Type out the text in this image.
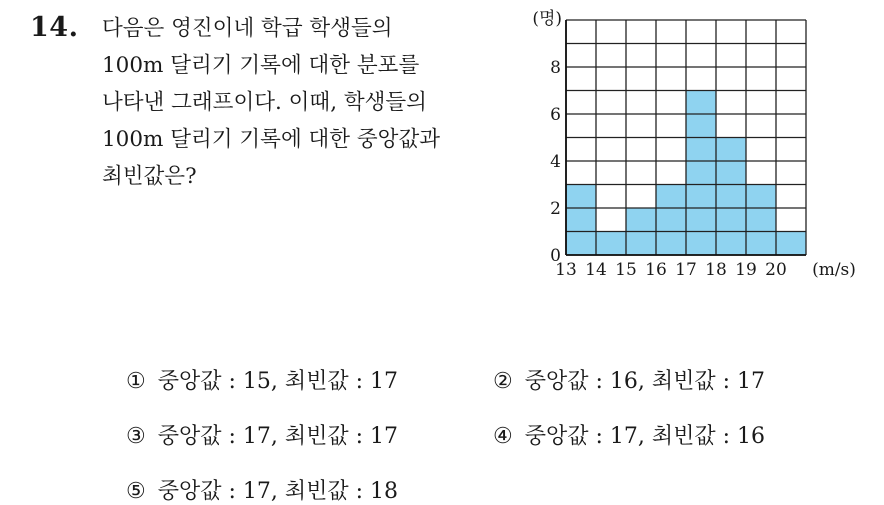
14. 다음은 영진이네 학급 학생들의
100m 달리기 기록에 대한 분포를
나타낸 그래프이다. 이때, 학생들의
100m 달리기 기록에 대한 중앙값과
최빈값은?
0
2
4
6
8
13 14 15 16 17 18 19 20
(명)
(m/s)
① 중앙값 : 15, 최빈값 : 17	② 중앙값 : 16, 최빈값 : 17
③ 중앙값 : 17, 최빈값 : 17	④ 중앙값 : 17, 최빈값 : 16
⑤ 중앙값 : 17, 최빈값 : 18
